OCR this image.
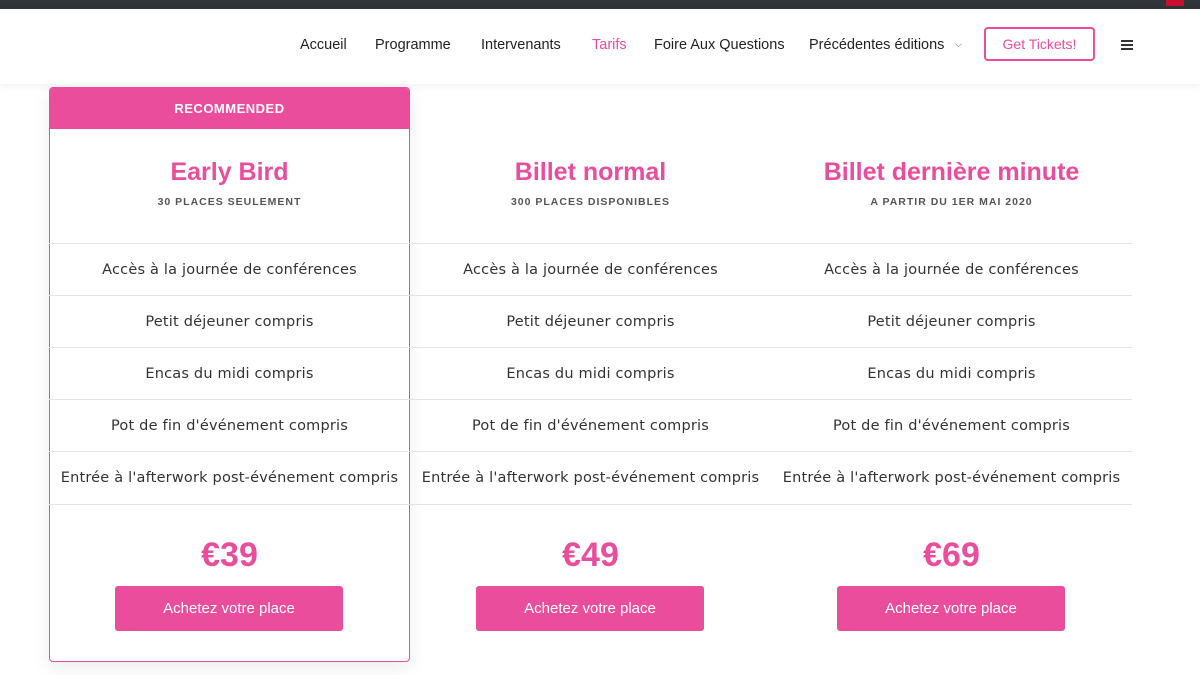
Accueil Programme Intervenants Tarifs Foire Aux Questions Précédentes éditions ⌵	Get Tickets!
RECOMMENDED
Early Bird
30 PLACES SEULEMENT
Accès à la journée de conférences
Petit déjeuner compris
Encas du midi compris
Pot de fin d'événement compris
Entrée à l'afterwork post-événement compris
€39
Achetez votre place
Billet normal
300 PLACES DISPONIBLES
Accès à la journée de conférences
Petit déjeuner compris
Encas du midi compris
Pot de fin d'événement compris
Entrée à l'afterwork post-événement compris
€49
Achetez votre place
Billet dernière minute
A PARTIR DU 1ER MAI 2020
Accès à la journée de conférences
Petit déjeuner compris
Encas du midi compris
Pot de fin d'événement compris
Entrée à l'afterwork post-événement compris
€69
Achetez votre place
